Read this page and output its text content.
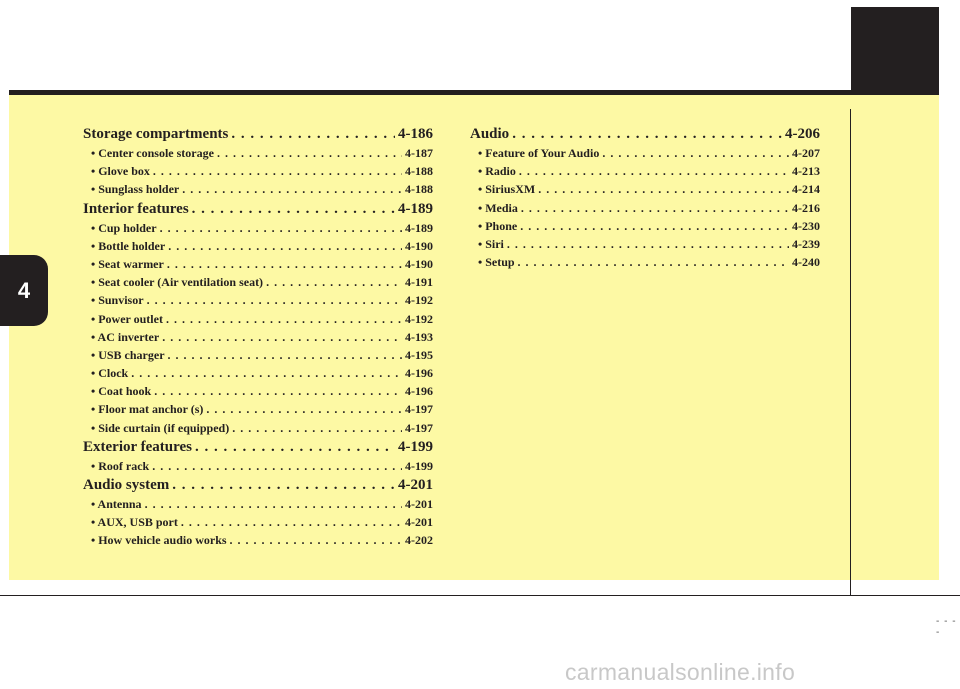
4
Storage compartments . . .	4-186
• Center console storage . . .	4-187
• Glove box . . .	4-188
• Sunglass holder . . .	4-188
Interior features . . .	4-189
• Cup holder . . .	4-189
• Bottle holder . . .	4-190
• Seat warmer . . .	4-190
• Seat cooler (Air ventilation seat) . . .	4-191
• Sunvisor . . .	4-192
• Power outlet . . .	4-192
• AC inverter . . .	4-193
• USB charger . . .	4-195
• Clock . . .	4-196
• Coat hook . . .	4-196
• Floor mat anchor (s) . . .	4-197
• Side curtain (if equipped) . . .	4-197
Exterior features . . .	4-199
• Roof rack . . .	4-199
Audio system . . .	4-201
• Antenna . . .	4-201
• AUX, USB port . . .	4-201
• How vehicle audio works . . .	4-202
Audio . . .	4-206
• Feature of Your Audio . . .	4-207
• Radio . . .	4-213
• SiriusXM . . .	4-214
• Media . . .	4-216
• Phone . . .	4-230
• Siri . . .	4-239
• Setup . . .	4-240
- - - -
carmanualsonline.info
